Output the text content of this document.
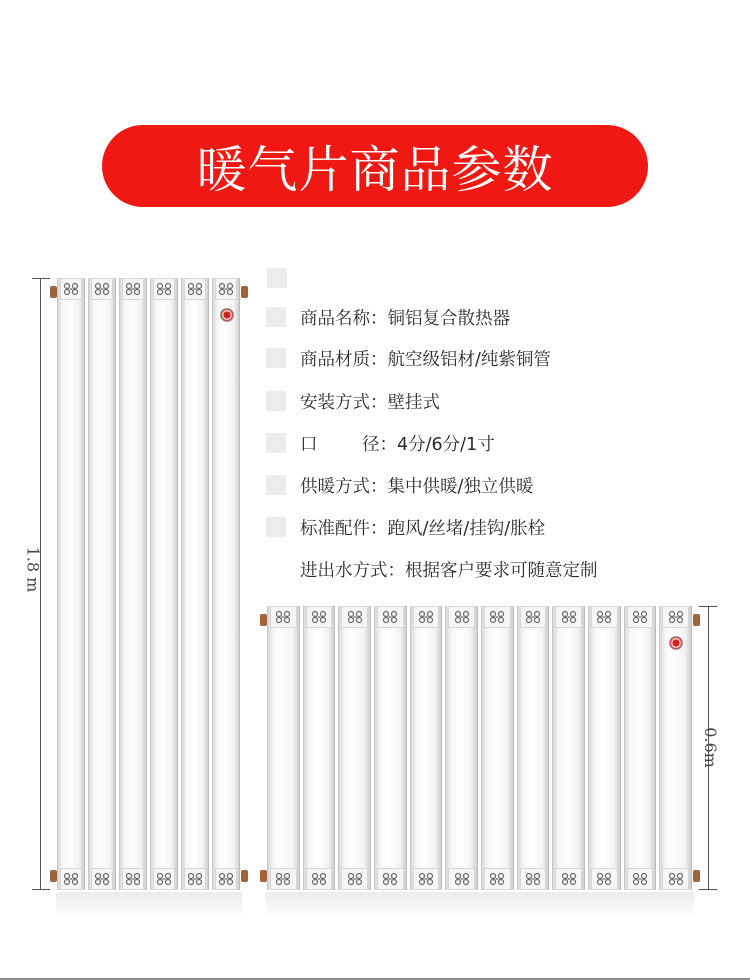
暖气片商品参数
商品名称： 铜铝复合散热器
商品材质： 航空级铝材/纯紫铜管
安装方式： 壁挂式
口        径： 4分/6分/1寸
供暖方式： 集中供暖/独立供暖
标准配件： 跑风/丝堵/挂钩/胀栓
进出水方式： 根据客户要求可随意定制
1.8 m
0.6m
